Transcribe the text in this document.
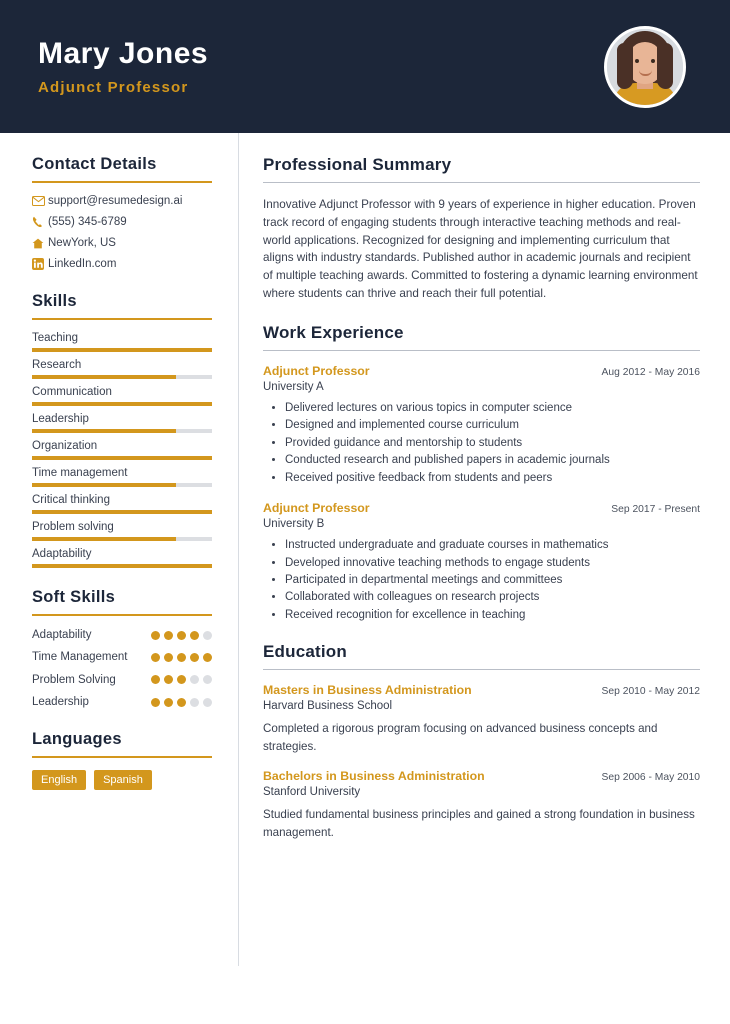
Mary Jones
Adjunct Professor
Contact Details
support@resumedesign.ai
(555) 345-6789
NewYork, US
LinkedIn.com
Skills
Teaching
Research
Communication
Leadership
Organization
Time management
Critical thinking
Problem solving
Adaptability
Soft Skills
Adaptability
Time Management
Problem Solving
Leadership
Languages
English	Spanish
Professional Summary
Innovative Adjunct Professor with 9 years of experience in higher education. Proven track record of engaging students through interactive teaching methods and real-world applications. Recognized for designing and implementing curriculum that aligns with industry standards. Published author in academic journals and recipient of multiple teaching awards. Committed to fostering a dynamic learning environment where students can thrive and reach their full potential.
Work Experience
Adjunct Professor	Aug 2012 - May 2016
University A
• Delivered lectures on various topics in computer science
• Designed and implemented course curriculum
• Provided guidance and mentorship to students
• Conducted research and published papers in academic journals
• Received positive feedback from students and peers
Adjunct Professor	Sep 2017 - Present
University B
• Instructed undergraduate and graduate courses in mathematics
• Developed innovative teaching methods to engage students
• Participated in departmental meetings and committees
• Collaborated with colleagues on research projects
• Received recognition for excellence in teaching
Education
Masters in Business Administration	Sep 2010 - May 2012
Harvard Business School
Completed a rigorous program focusing on advanced business concepts and strategies.
Bachelors in Business Administration	Sep 2006 - May 2010
Stanford University
Studied fundamental business principles and gained a strong foundation in business management.
